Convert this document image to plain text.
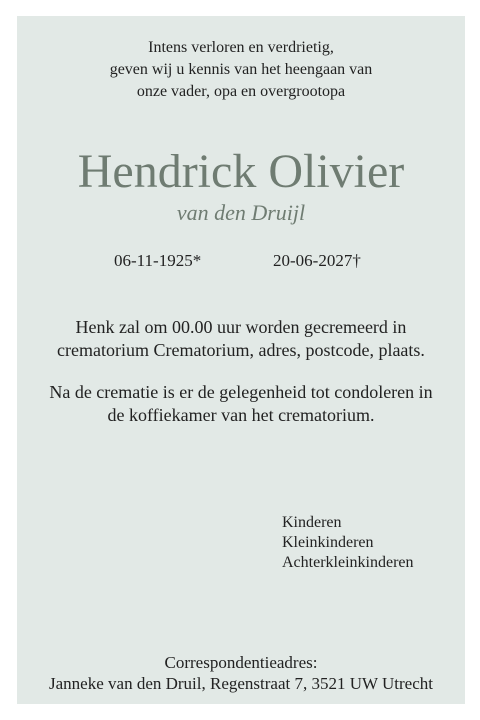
Intens verloren en verdrietig,
geven wij u kennis van het heengaan van
onze vader, opa en overgrootopa
Hendrick Olivier
van den Druijl
06-11-1925*	20-06-2027†
Henk zal om 00.00 uur worden gecremeerd in
crematorium Crematorium, adres, postcode, plaats.
Na de crematie is er de gelegenheid tot condoleren in
de koffiekamer van het crematorium.
Kinderen
Kleinkinderen
Achterkleinkinderen
Correspondentieadres:
Janneke van den Druil, Regenstraat 7, 3521 UW Utrecht
